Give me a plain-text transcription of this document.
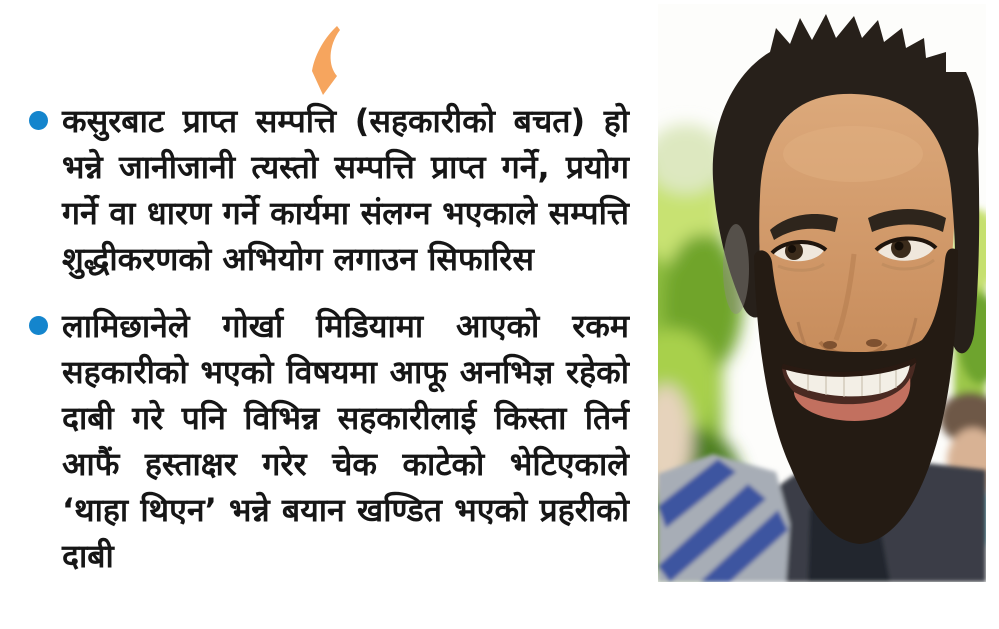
कसुरबाट प्राप्त सम्पत्ति (सहकारीको बचत) हो भन्ने जानीजानी त्यस्तो सम्पत्ति प्राप्त गर्ने, प्रयोग गर्ने वा धारण गर्ने कार्यमा संलग्न भएकाले सम्पत्ति शुद्धीकरणको अभियोग लगाउन सिफारिस
लामिछानेले गोर्खा मिडियामा आएको रकम सहकारीको भएको विषयमा आफू अनभिज्ञ रहेको दाबी गरे पनि विभिन्न सहकारीलाई किस्ता तिर्न आफैं हस्ताक्षर गरेर चेक काटेको भेटिएकाले ‘थाहा थिएन’ भन्ने बयान खण्डित भएको प्रहरीको दाबी
